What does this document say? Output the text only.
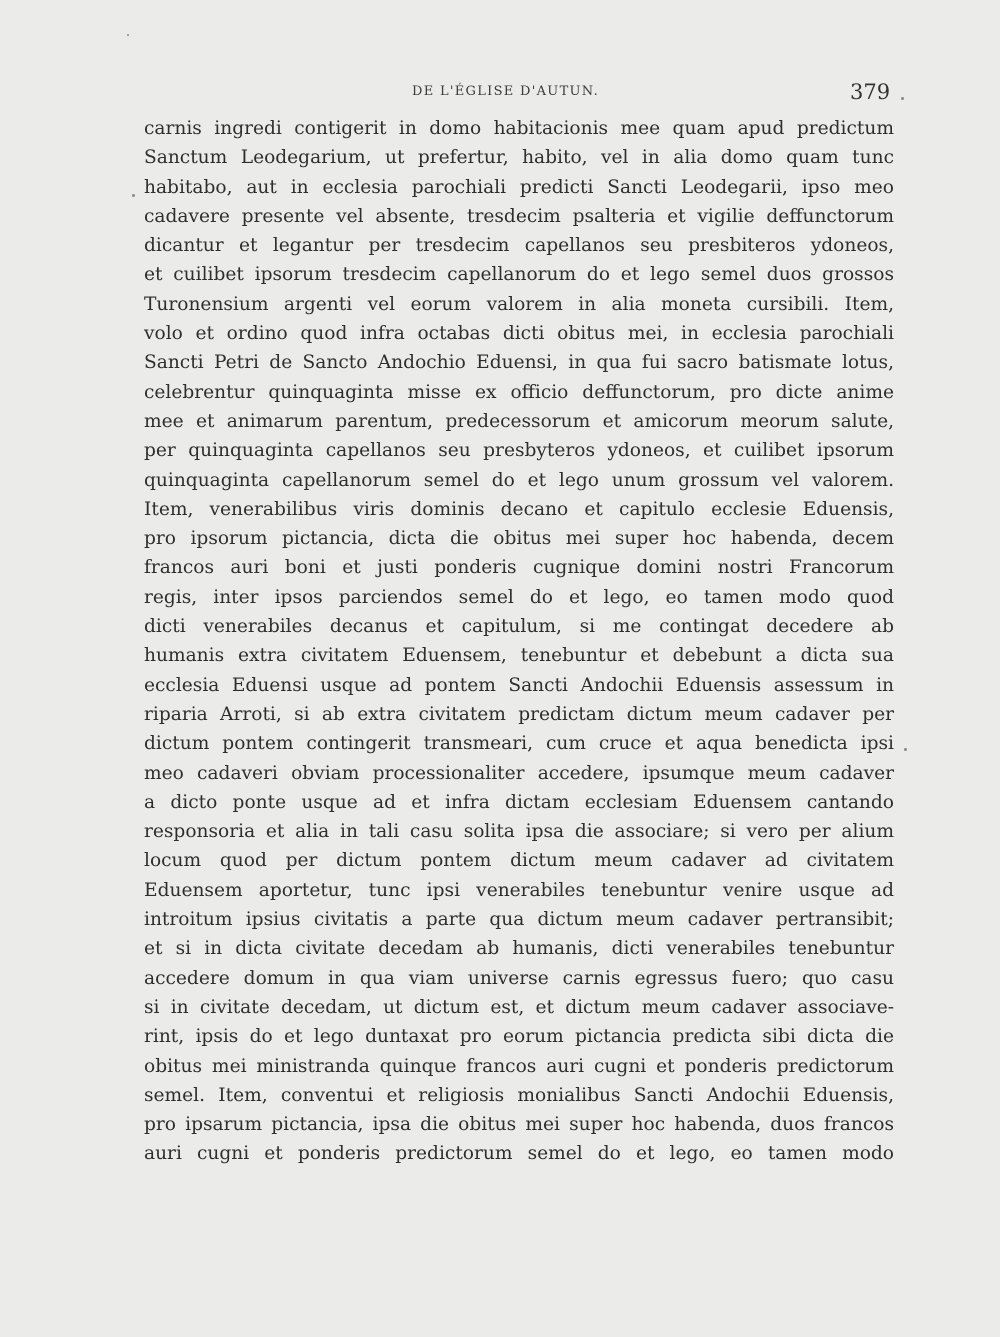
DE L'ÉGLISE D'AUTUN.	379
carnis ingredi contigerit in domo habitacionis mee quam apud predictum
Sanctum Leodegarium, ut prefertur, habito, vel in alia domo quam tunc
habitabo, aut in ecclesia parochiali predicti Sancti Leodegarii, ipso meo
cadavere presente vel absente, tresdecim psalteria et vigilie deffunctorum
dicantur et legantur per tresdecim capellanos seu presbiteros ydoneos,
et cuilibet ipsorum tresdecim capellanorum do et lego semel duos grossos
Turonensium argenti vel eorum valorem in alia moneta cursibili. Item,
volo et ordino quod infra octabas dicti obitus mei, in ecclesia parochiali
Sancti Petri de Sancto Andochio Eduensi, in qua fui sacro batismate lotus,
celebrentur quinquaginta misse ex officio deffunctorum, pro dicte anime
mee et animarum parentum, predecessorum et amicorum meorum salute,
per quinquaginta capellanos seu presbyteros ydoneos, et cuilibet ipsorum
quinquaginta capellanorum semel do et lego unum grossum vel valorem.
Item, venerabilibus viris dominis decano et capitulo ecclesie Eduensis,
pro ipsorum pictancia, dicta die obitus mei super hoc habenda, decem
francos auri boni et justi ponderis cugnique domini nostri Francorum
regis, inter ipsos parciendos semel do et lego, eo tamen modo quod
dicti venerabiles decanus et capitulum, si me contingat decedere ab
humanis extra civitatem Eduensem, tenebuntur et debebunt a dicta sua
ecclesia Eduensi usque ad pontem Sancti Andochii Eduensis assessum in
riparia Arroti, si ab extra civitatem predictam dictum meum cadaver per
dictum pontem contingerit transmeari, cum cruce et aqua benedicta ipsi
meo cadaveri obviam processionaliter accedere, ipsumque meum cadaver
a dicto ponte usque ad et infra dictam ecclesiam Eduensem cantando
responsoria et alia in tali casu solita ipsa die associare; si vero per alium
locum quod per dictum pontem dictum meum cadaver ad civitatem
Eduensem aportetur, tunc ipsi venerabiles tenebuntur venire usque ad
introitum ipsius civitatis a parte qua dictum meum cadaver pertransibit;
et si in dicta civitate decedam ab humanis, dicti venerabiles tenebuntur
accedere domum in qua viam universe carnis egressus fuero; quo casu
si in civitate decedam, ut dictum est, et dictum meum cadaver associave-
rint, ipsis do et lego duntaxat pro eorum pictancia predicta sibi dicta die
obitus mei ministranda quinque francos auri cugni et ponderis predictorum
semel. Item, conventui et religiosis monialibus Sancti Andochii Eduensis,
pro ipsarum pictancia, ipsa die obitus mei super hoc habenda, duos francos
auri cugni et ponderis predictorum semel do et lego, eo tamen modo
